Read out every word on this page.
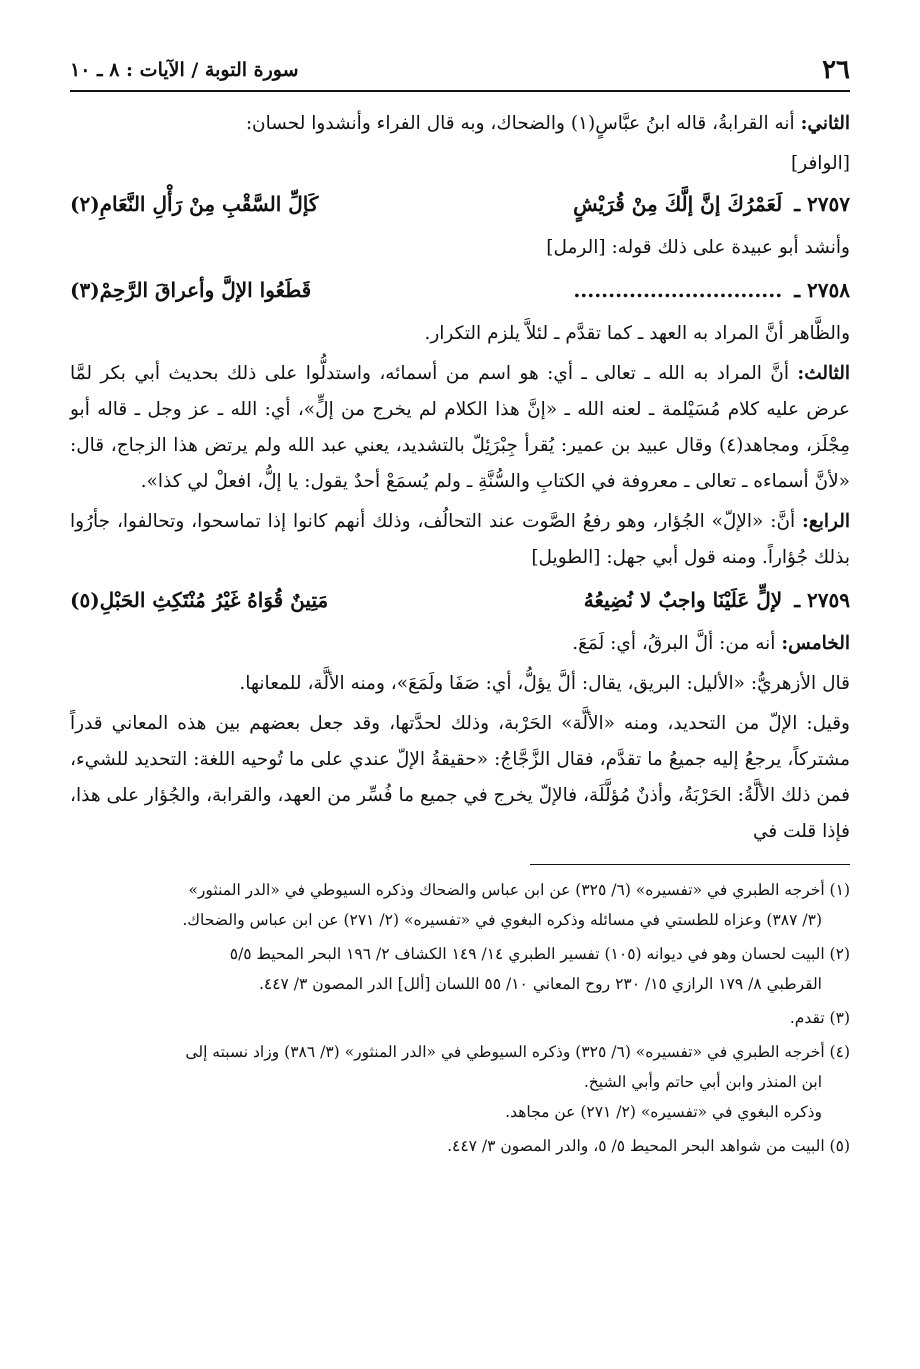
٢٦
سورة التوبة / الآيات : ٨ ـ ١٠

الثاني: أنه القرابةُ، قاله ابنُ عبَّاسٍ(١) والضحاك، وبه قال الفراء وأنشدوا لحسان:

[الوافر]
٢٧٥٧ ـ
لَعَمْرُكَ إنَّ إلَّكَ مِنْ قُرَيْشٍ
كَإلِّ السَّقْبِ مِنْ رَأْلِ النَّعَامِ(٢)

وأنشد أبو عبيدة على ذلك قوله: [الرمل]

٢٧٥٨ ـ
..............................
قَطَعُوا الإلَّ وأعراقَ الرَّحِمْ(٣)

والظَّاهر أنَّ المراد به العهد ـ كما تقدَّم ـ لئلاَّ يلزم التكرار.

الثالث: أنَّ المراد به الله ـ تعالى ـ أي: هو اسم من أسمائه، واستدلُّوا على ذلك بحديث أبي بكر لمَّا عرض عليه كلام مُسَيْلمة ـ لعنه الله ـ «إنَّ هذا الكلام لم يخرج من إلٍّ»، أي: الله ـ عز وجل ـ قاله أبو مِجْلَز، ومجاهد(٤) وقال عبيد بن عمير: يُقرأ جِبْرَئِلّ بالتشديد، يعني عبد الله ولم يرتض هذا الزجاج، قال: «لأنَّ أسماءه ـ تعالى ـ معروفة في الكتابِ والسُّنَّةِ ـ ولم يُسمَعْ أحدٌ يقول: يا إلُّ، افعلْ لي كذا».

الرابع: أنَّ: «الإلّ» الجُؤار، وهو رفعُ الصَّوت عند التحالُف، وذلك أنهم كانوا إذا تماسحوا، وتحالفوا، جأرُوا بذلك جُؤاراً. ومنه قول أبي جهل: [الطويل]

٢٧٥٩ ـ
لإلٍّ عَلَيْنَا واجبٌ لا نُضِيعُهُ
مَتِينٌ قُوَاهُ غَيْرُ مُنْتَكِثِ الحَبْلِ(٥)

الخامس: أنه من: ألَّ البرقُ، أي: لَمَعَ.

قال الأزهريُّ: «الأليل: البريق، يقال: ألَّ يؤلُّ، أي: صَفَا ولَمَعَ»، ومنه الألَّة، للمعانها.

وقيل: الإلّ من التحديد، ومنه «الألَّة» الحَرْبة، وذلك لحدَّتها، وقد جعل بعضهم بين هذه المعاني قدراً مشتركاً، يرجعُ إليه جميعُ ما تقدَّم، فقال الزَّجَّاجُ: «حقيقةُ الإلّ عندي على ما تُوحيه اللغة: التحديد للشيء، فمن ذلك الألَّةُ: الحَرْبَةُ، وأذنٌ مُؤلَّلَة، فالإلّ يخرج في جميع ما فُسِّر من العهد، والقرابة، والجُؤار على هذا، فإذا قلت في

(١) أخرجه الطبري في «تفسيره» (٦/ ٣٢٥) عن ابن عباس والضحاك وذكره السيوطي في «الدر المنثور»
(٣/ ٣٨٧) وعزاه للطستي في مسائله وذكره البغوي في «تفسيره» (٢/ ٢٧١) عن ابن عباس والضحاك.
(٢) البيت لحسان وهو في ديوانه (١٠٥) تفسير الطبري ١٤/ ١٤٩ الكشاف ٢/ ١٩٦ البحر المحيط ٥/٥
القرطبي ٨/ ١٧٩ الرازي ١٥/ ٢٣٠ روح المعاني ١٠/ ٥٥ اللسان [ألل] الدر المصون ٣/ ٤٤٧.
(٣) تقدم.
(٤) أخرجه الطبري في «تفسيره» (٦/ ٣٢٥) وذكره السيوطي في «الدر المنثور» (٣/ ٣٨٦) وزاد نسبته إلى
ابن المنذر وابن أبي حاتم وأبي الشيخ.
وذكره البغوي في «تفسيره» (٢/ ٢٧١) عن مجاهد.
(٥) البيت من شواهد البحر المحيط ٥/ ٥، والدر المصون ٣/ ٤٤٧.
